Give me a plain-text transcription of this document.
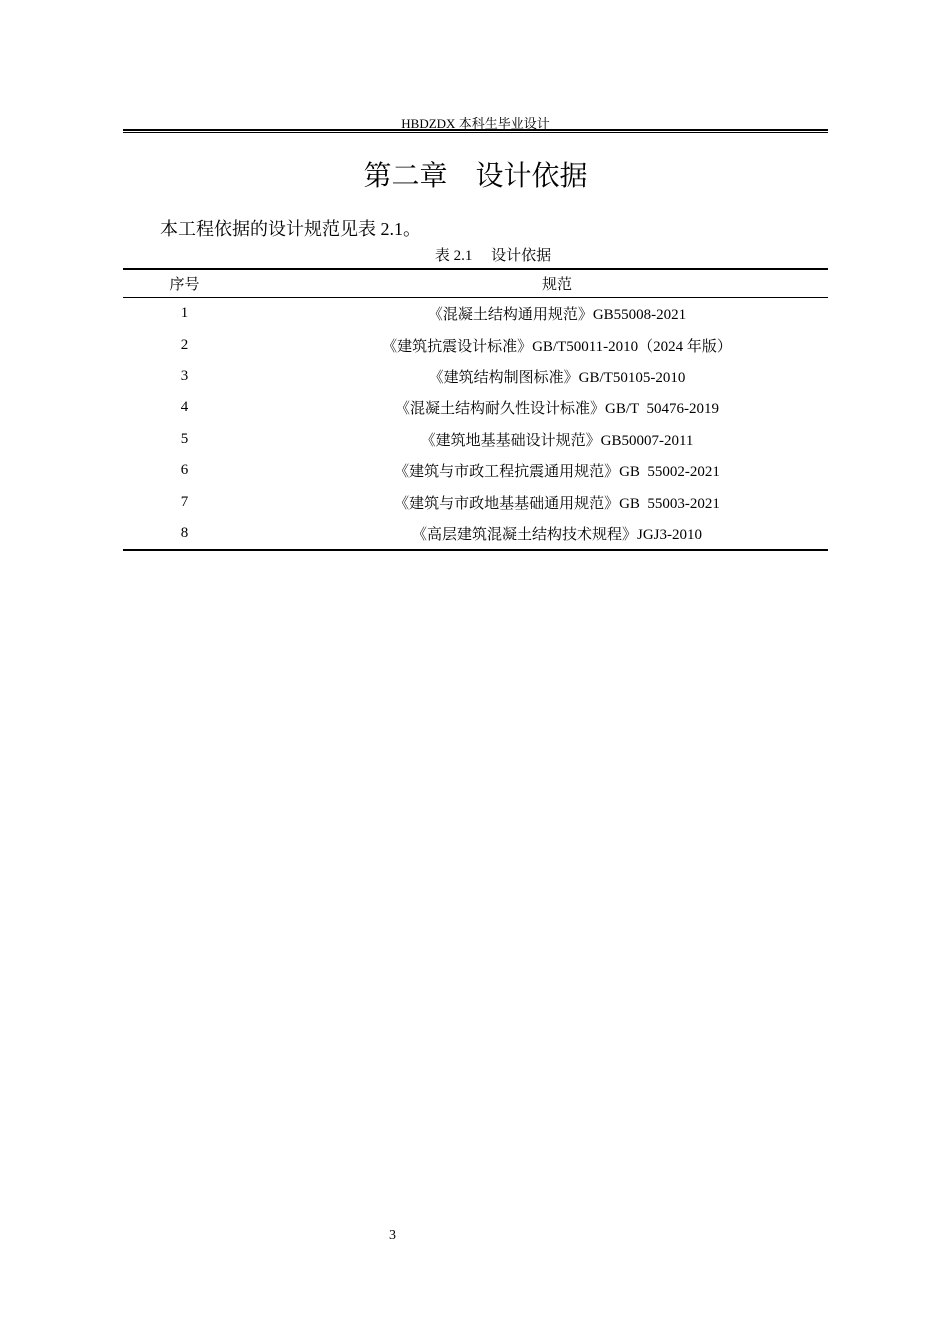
HBDZDX 本科生毕业设计
第二章　设计依据
本工程依据的设计规范见表 2.1。
表 2.1　 设计依据
序号	规范
1	《混凝土结构通用规范》GB55008-2021
2	《建筑抗震设计标准》GB/T50011-2010（2024 年版）
3	《建筑结构制图标准》GB/T50105-2010
4	《混凝土结构耐久性设计标准》GB/T  50476-2019
5	《建筑地基基础设计规范》GB50007-2011
6	《建筑与市政工程抗震通用规范》GB  55002-2021
7	《建筑与市政地基基础通用规范》GB  55003-2021
8	《高层建筑混凝土结构技术规程》JGJ3-2010
3
